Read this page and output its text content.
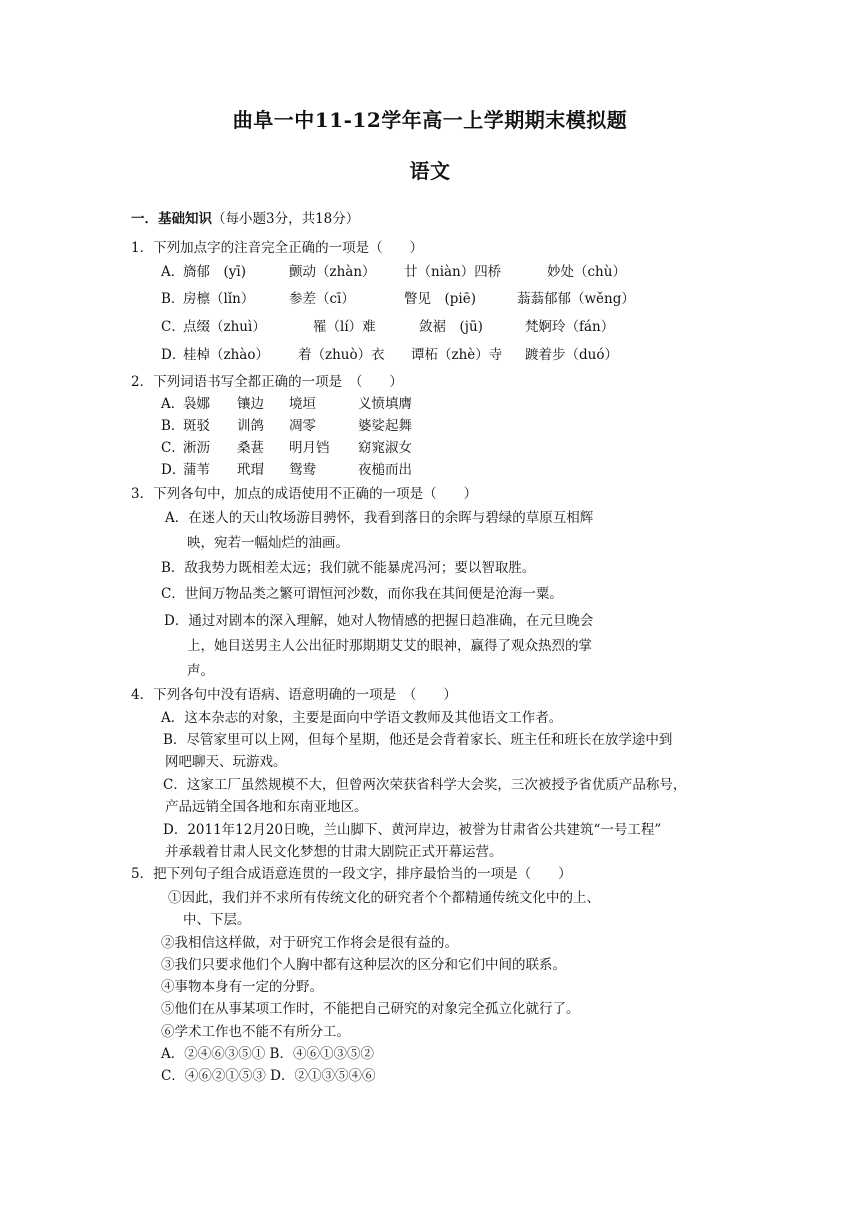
曲阜一中11-12学年高一上学期期末模拟题
语文
一．基础知识（每小题3分，共18分）
1．下列加点字的注音完全正确的一项是（　　）
A．
旖郁　(yī)	颤动（zhàn） 廿（niàn）四桥	妙处（chù）
B．
房檩（lǐn）	参差（cī）	瞥见　(piē)	蓊蓊郁郁（wěng）
C．
点缀（zhuì）	罹（lí）难	敛裾　(jū)	梵婀玲（fán）
D．
桂棹（zhào） 着（zhuò）衣 谭柘（zhè）寺 踱着步（duó）
2．下列词语书写全都正确的一项是　（　　）
A．
袅娜 镶边 境垣	义愤填膺
B．
斑驳 训鸽 凋零	婆娑起舞
C．
淅沥 桑葚 明月铛 窈窕淑女
D．
蒲苇 玳瑁 鸳鸯	夜槌而出
3．下列各句中，加点的成语使用不正确的一项是（　　）
A．在迷人的天山牧场游目骋怀，我看到落日的余晖与碧绿的草原互相辉
映，宛若一幅灿烂的油画。
B．敌我势力既相差太远；我们就不能暴虎冯河；要以智取胜。
C．世间万物品类之繁可谓恒河沙数，而你我在其间便是沧海一粟。
D．通过对剧本的深入理解，她对人物情感的把握日趋准确，在元旦晚会
上，她目送男主人公出征时那期期艾艾的眼神，赢得了观众热烈的掌
声。
4．下列各句中没有语病、语意明确的一项是　（　　）
A．这本杂志的对象，主要是面向中学语文教师及其他语文工作者。
B．尽管家里可以上网，但每个星期，他还是会背着家长、班主任和班长在放学途中到
网吧聊天、玩游戏。
C．这家工厂虽然规模不大，但曾两次荣获省科学大会奖，三次被授予省优质产品称号，
产品远销全国各地和东南亚地区。
D．2011年12月20日晚，兰山脚下、黄河岸边，被誉为甘肃省公共建筑“一号工程”
并承载着甘肃人民文化梦想的甘肃大剧院正式开幕运营。
5．把下列句子组合成语意连贯的一段文字，排序最恰当的一项是（　　）
①因此，我们并不求所有传统文化的研究者个个都精通传统文化中的上、
中、下层。
②我相信这样做，对于研究工作将会是很有益的。
③我们只要求他们个人胸中都有这种层次的区分和它们中间的联系。
④事物本身有一定的分野。
⑤他们在从事某项工作时，不能把自己研究的对象完全孤立化就行了。
⑥学术工作也不能不有所分工。
A．②④⑥③⑤① B．④⑥①③⑤②
C．④⑥②①⑤③ D．②①③⑤④⑥
